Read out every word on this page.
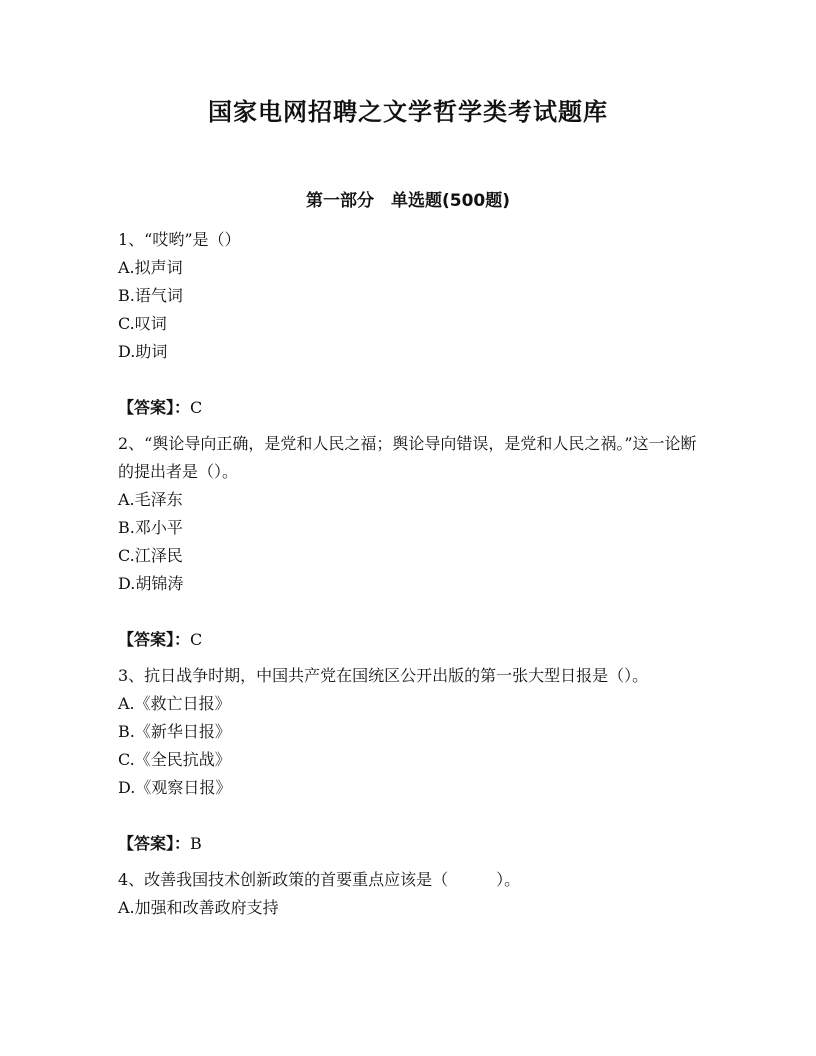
国家电网招聘之文学哲学类考试题库
第一部分　单选题(500题)

1、“哎哟”是（）

A.拟声词

B.语气词

C.叹词

D.助词

【答案】：C

2、“舆论导向正确，是党和人民之福；舆论导向错误，是党和人民之祸。”这一论断的提出者是（）。

A.毛泽东

B.邓小平

C.江泽民

D.胡锦涛

【答案】：C

3、抗日战争时期，中国共产党在国统区公开出版的第一张大型日报是（）。

A.《救亡日报》

B.《新华日报》

C.《全民抗战》

D.《观察日报》

【答案】：B

4、改善我国技术创新政策的首要重点应该是（　　　）。

A.加强和改善政府支持
